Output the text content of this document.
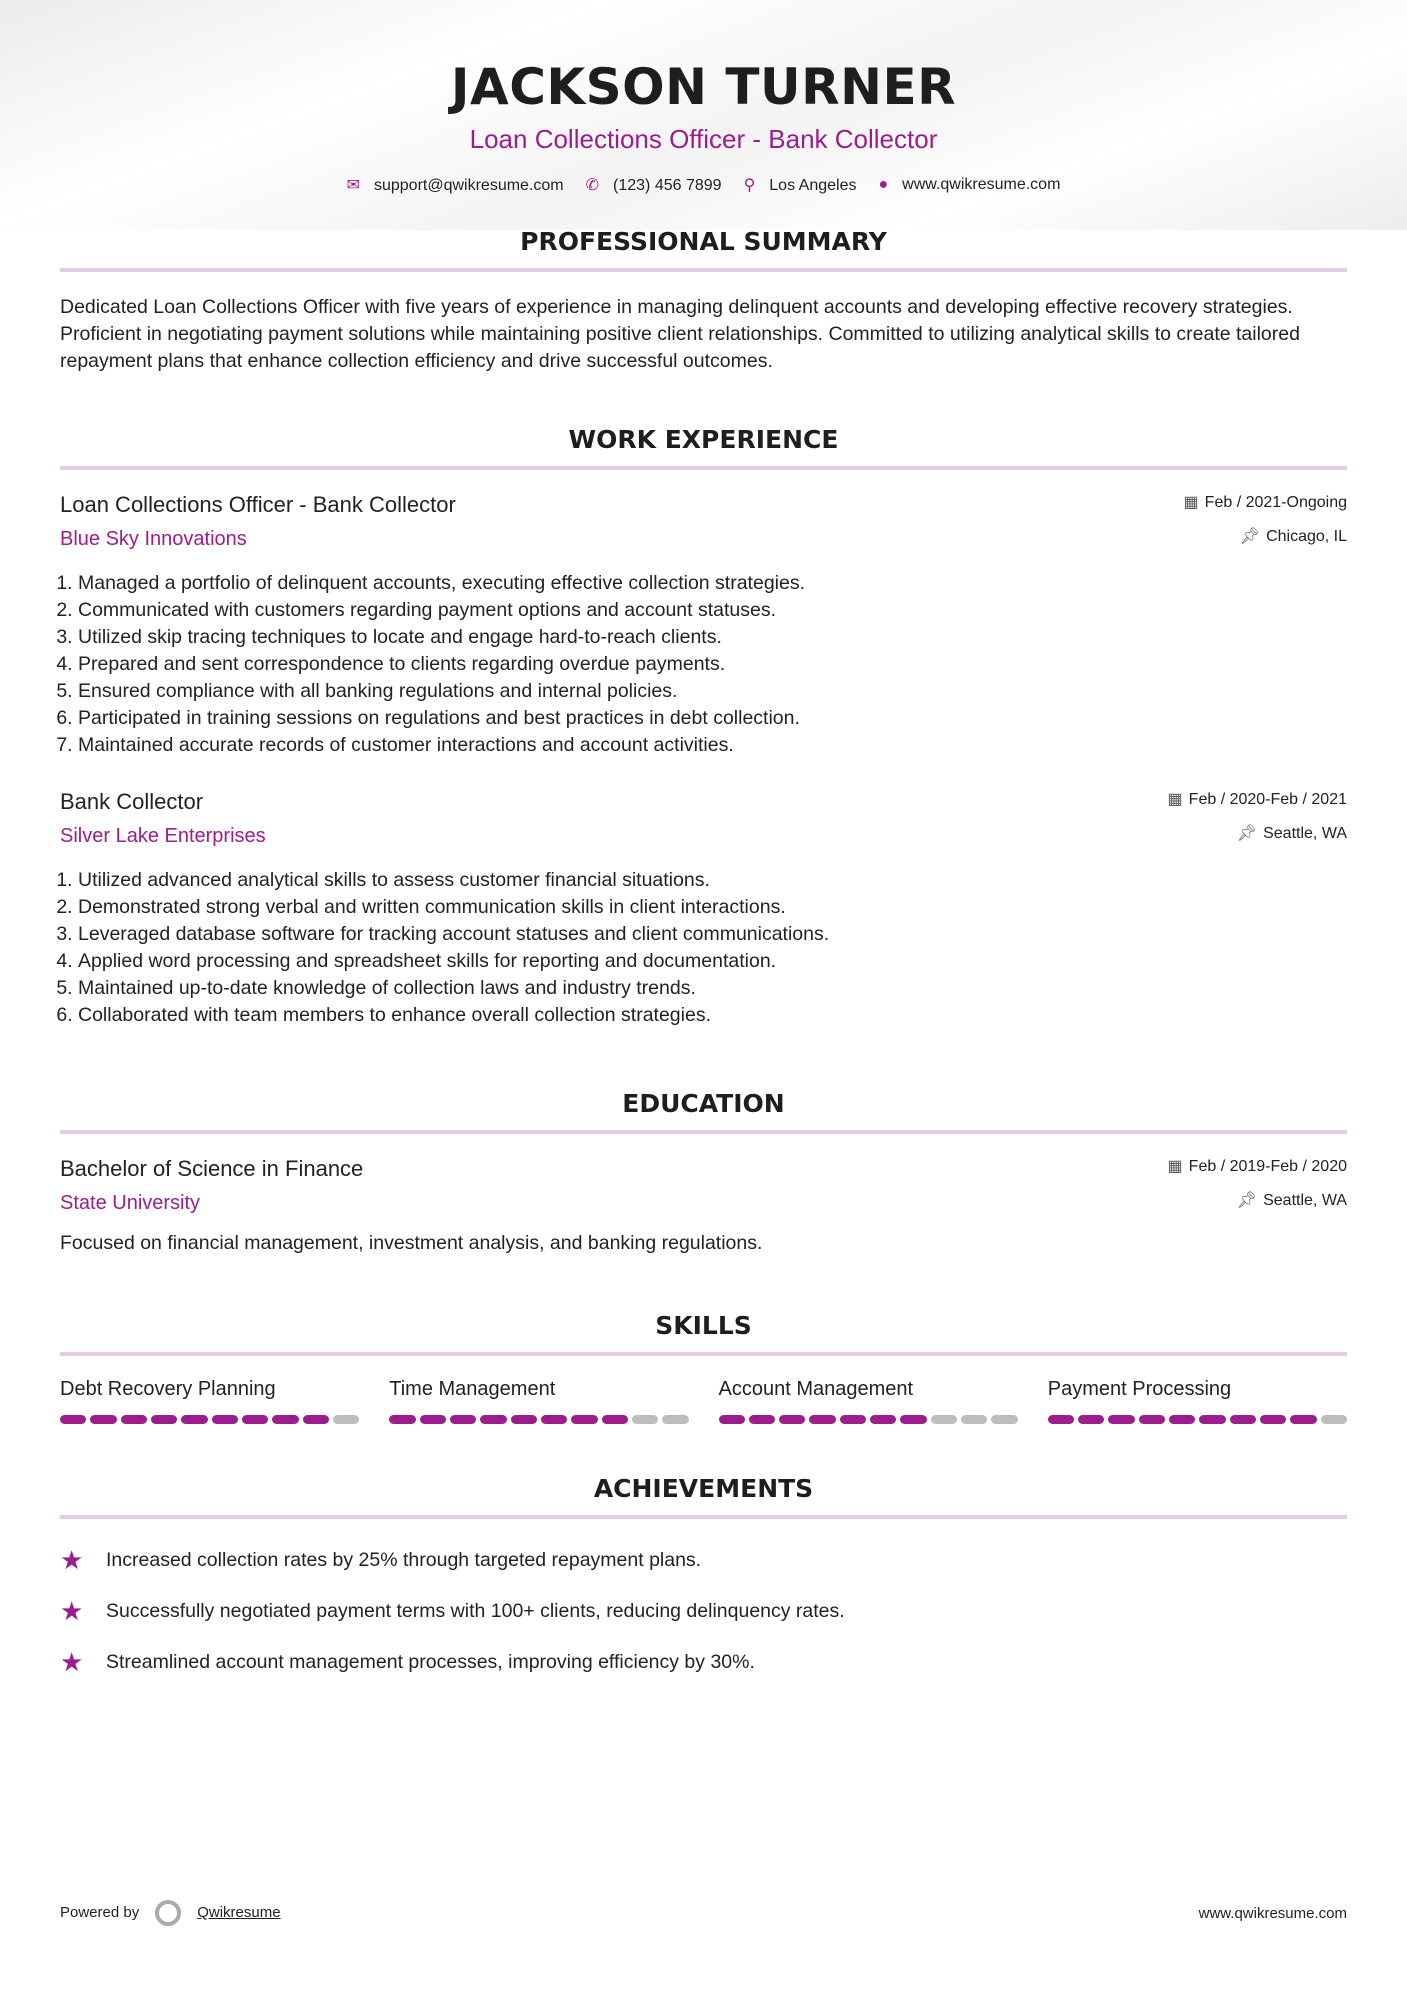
JACKSON TURNER
Loan Collections Officer - Bank Collector
✉ support@qwikresume.com ✆ (123) 456 7899 ⚲ Los Angeles ● www.qwikresume.com
PROFESSIONAL SUMMARY

Dedicated Loan Collections Officer with five years of experience in managing delinquent accounts and developing effective recovery strategies. Proficient in negotiating payment solutions while maintaining positive client relationships. Committed to utilizing analytical skills to create tailored repayment plans that enhance collection efficiency and drive successful outcomes.

WORK EXPERIENCE
Loan Collections Officer - Bank Collector
Blue Sky Innovations
▦ Feb / 2021-Ongoing
📌︎ Chicago, IL
1. Managed a portfolio of delinquent accounts, executing effective collection strategies.
2. Communicated with customers regarding payment options and account statuses.
3. Utilized skip tracing techniques to locate and engage hard-to-reach clients.
4. Prepared and sent correspondence to clients regarding overdue payments.
5. Ensured compliance with all banking regulations and internal policies.
6. Participated in training sessions on regulations and best practices in debt collection.
7. Maintained accurate records of customer interactions and account activities.
Bank Collector
Silver Lake Enterprises
▦ Feb / 2020-Feb / 2021
📌︎ Seattle, WA
1. Utilized advanced analytical skills to assess customer financial situations.
2. Demonstrated strong verbal and written communication skills in client interactions.
3. Leveraged database software for tracking account statuses and client communications.
4. Applied word processing and spreadsheet skills for reporting and documentation.
5. Maintained up-to-date knowledge of collection laws and industry trends.
6. Collaborated with team members to enhance overall collection strategies.
EDUCATION
Bachelor of Science in Finance
State University
▦ Feb / 2019-Feb / 2020
📌︎ Seattle, WA
Focused on financial management, investment analysis, and banking regulations.
SKILLS
Debt Recovery Planning	Time Management	Account Management	Payment Processing
ACHIEVEMENTS
★	Increased collection rates by 25% through targeted repayment plans.
★	Successfully negotiated payment terms with 100+ clients, reducing delinquency rates.
★	Streamlined account management processes, improving efficiency by 30%.
Powered by	Qwikresume	www.qwikresume.com
